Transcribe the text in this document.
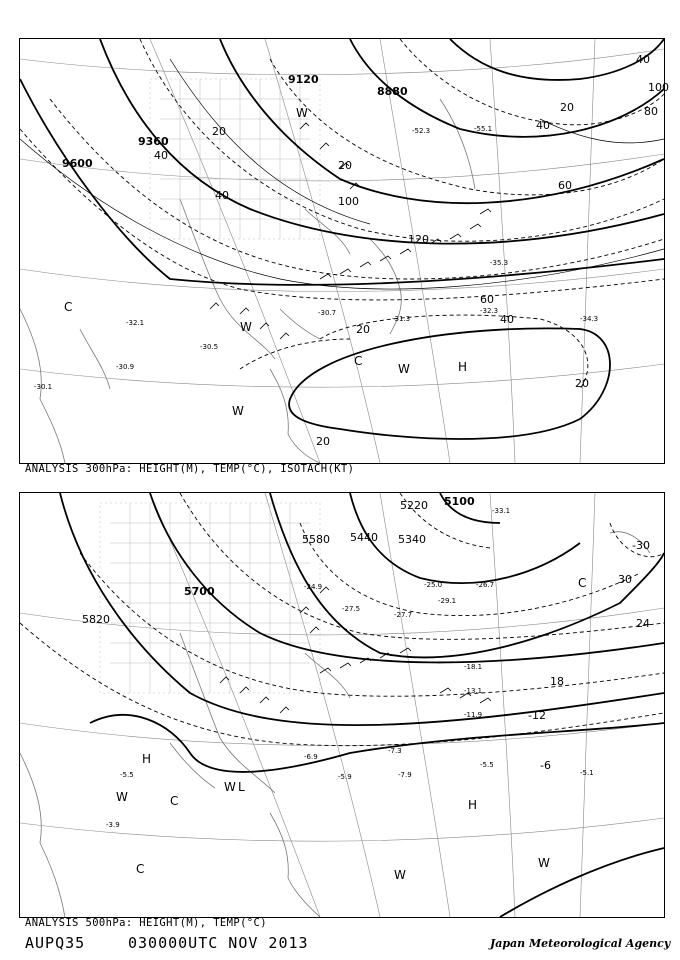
9600
9360
9120
8880
20
40
20
40	100
120
60
40
20
20
20
40
60
80
100
40
20
-52.3	-55.1
-35.3
-32.3
-34.3
-32.1
-30.5
-30.9
-30.1
-30.7
-31.3
C
C
W	H
W
W
W
ANALYSIS 300hPa: HEIGHT(M), TEMP(°C), ISOTACH(KT)
5100
5220
5340
5440
5580
5700
5820
-30
30
24
18
-12
-6
-33.1
-25.0	-26.7
-29.1
-27.7
-27.5
-24.9
-18.1
-13.1
-11.9
-5.5
-5.1
-7.9
-7.3
-5.9
-6.9
-5.5
-3.9
H
W	C
L
W
C
H
W
W
C
ANALYSIS 500hPa: HEIGHT(M), TEMP(°C)
AUPQ35	030000UTC NOV 2013	Japan Meteorological Agency
